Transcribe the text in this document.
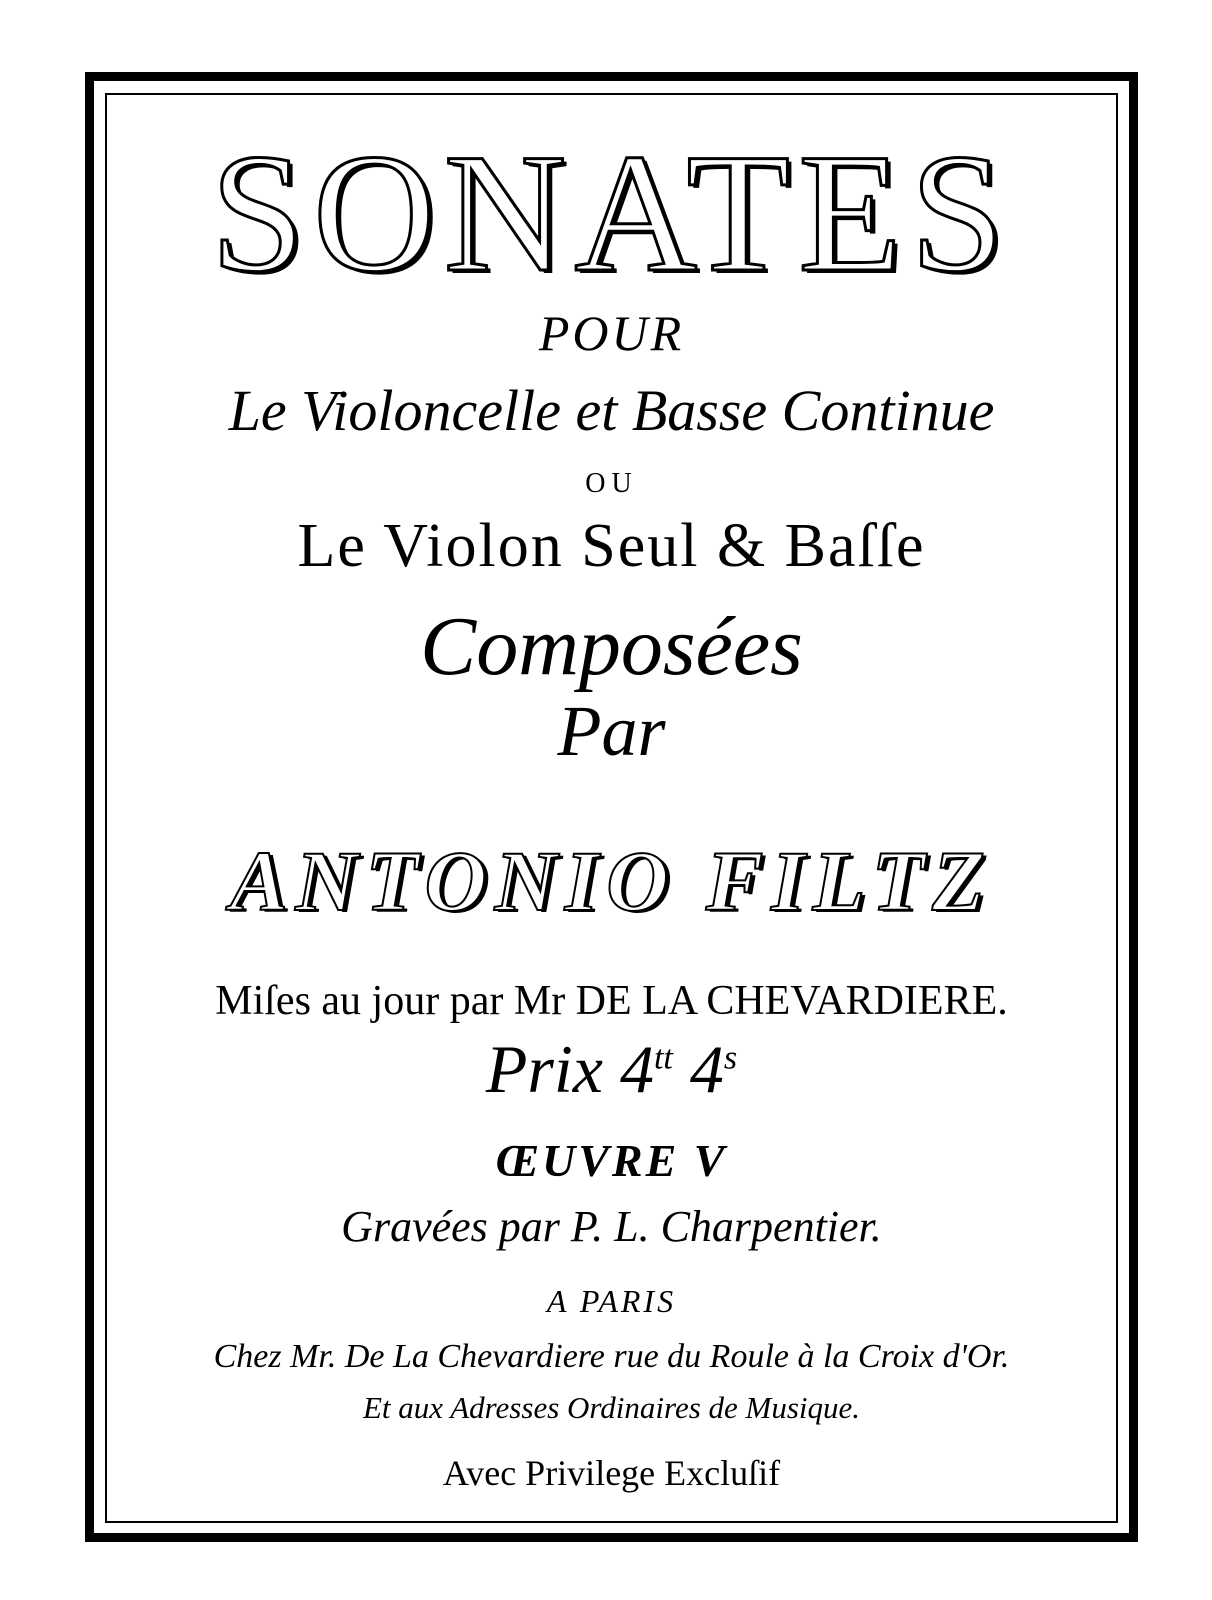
SONATES
POUR
Le Violoncelle et Basse Continue
OU
Le Violon Seul & Baſſe
Composées
Par
ANTONIO FILTZ
Miſes au jour par Mr DE LA CHEVARDIERE.
Prix $4^{tt}$ 4$^s$
ŒUVRE V
Gravées par P. L. Charpentier.
A PARIS
Chez Mr. De La Chevardiere rue du Roule à la Croix d'Or.
Et aux Adresses Ordinaires de Musique.
Avec Privilege Excluſif
